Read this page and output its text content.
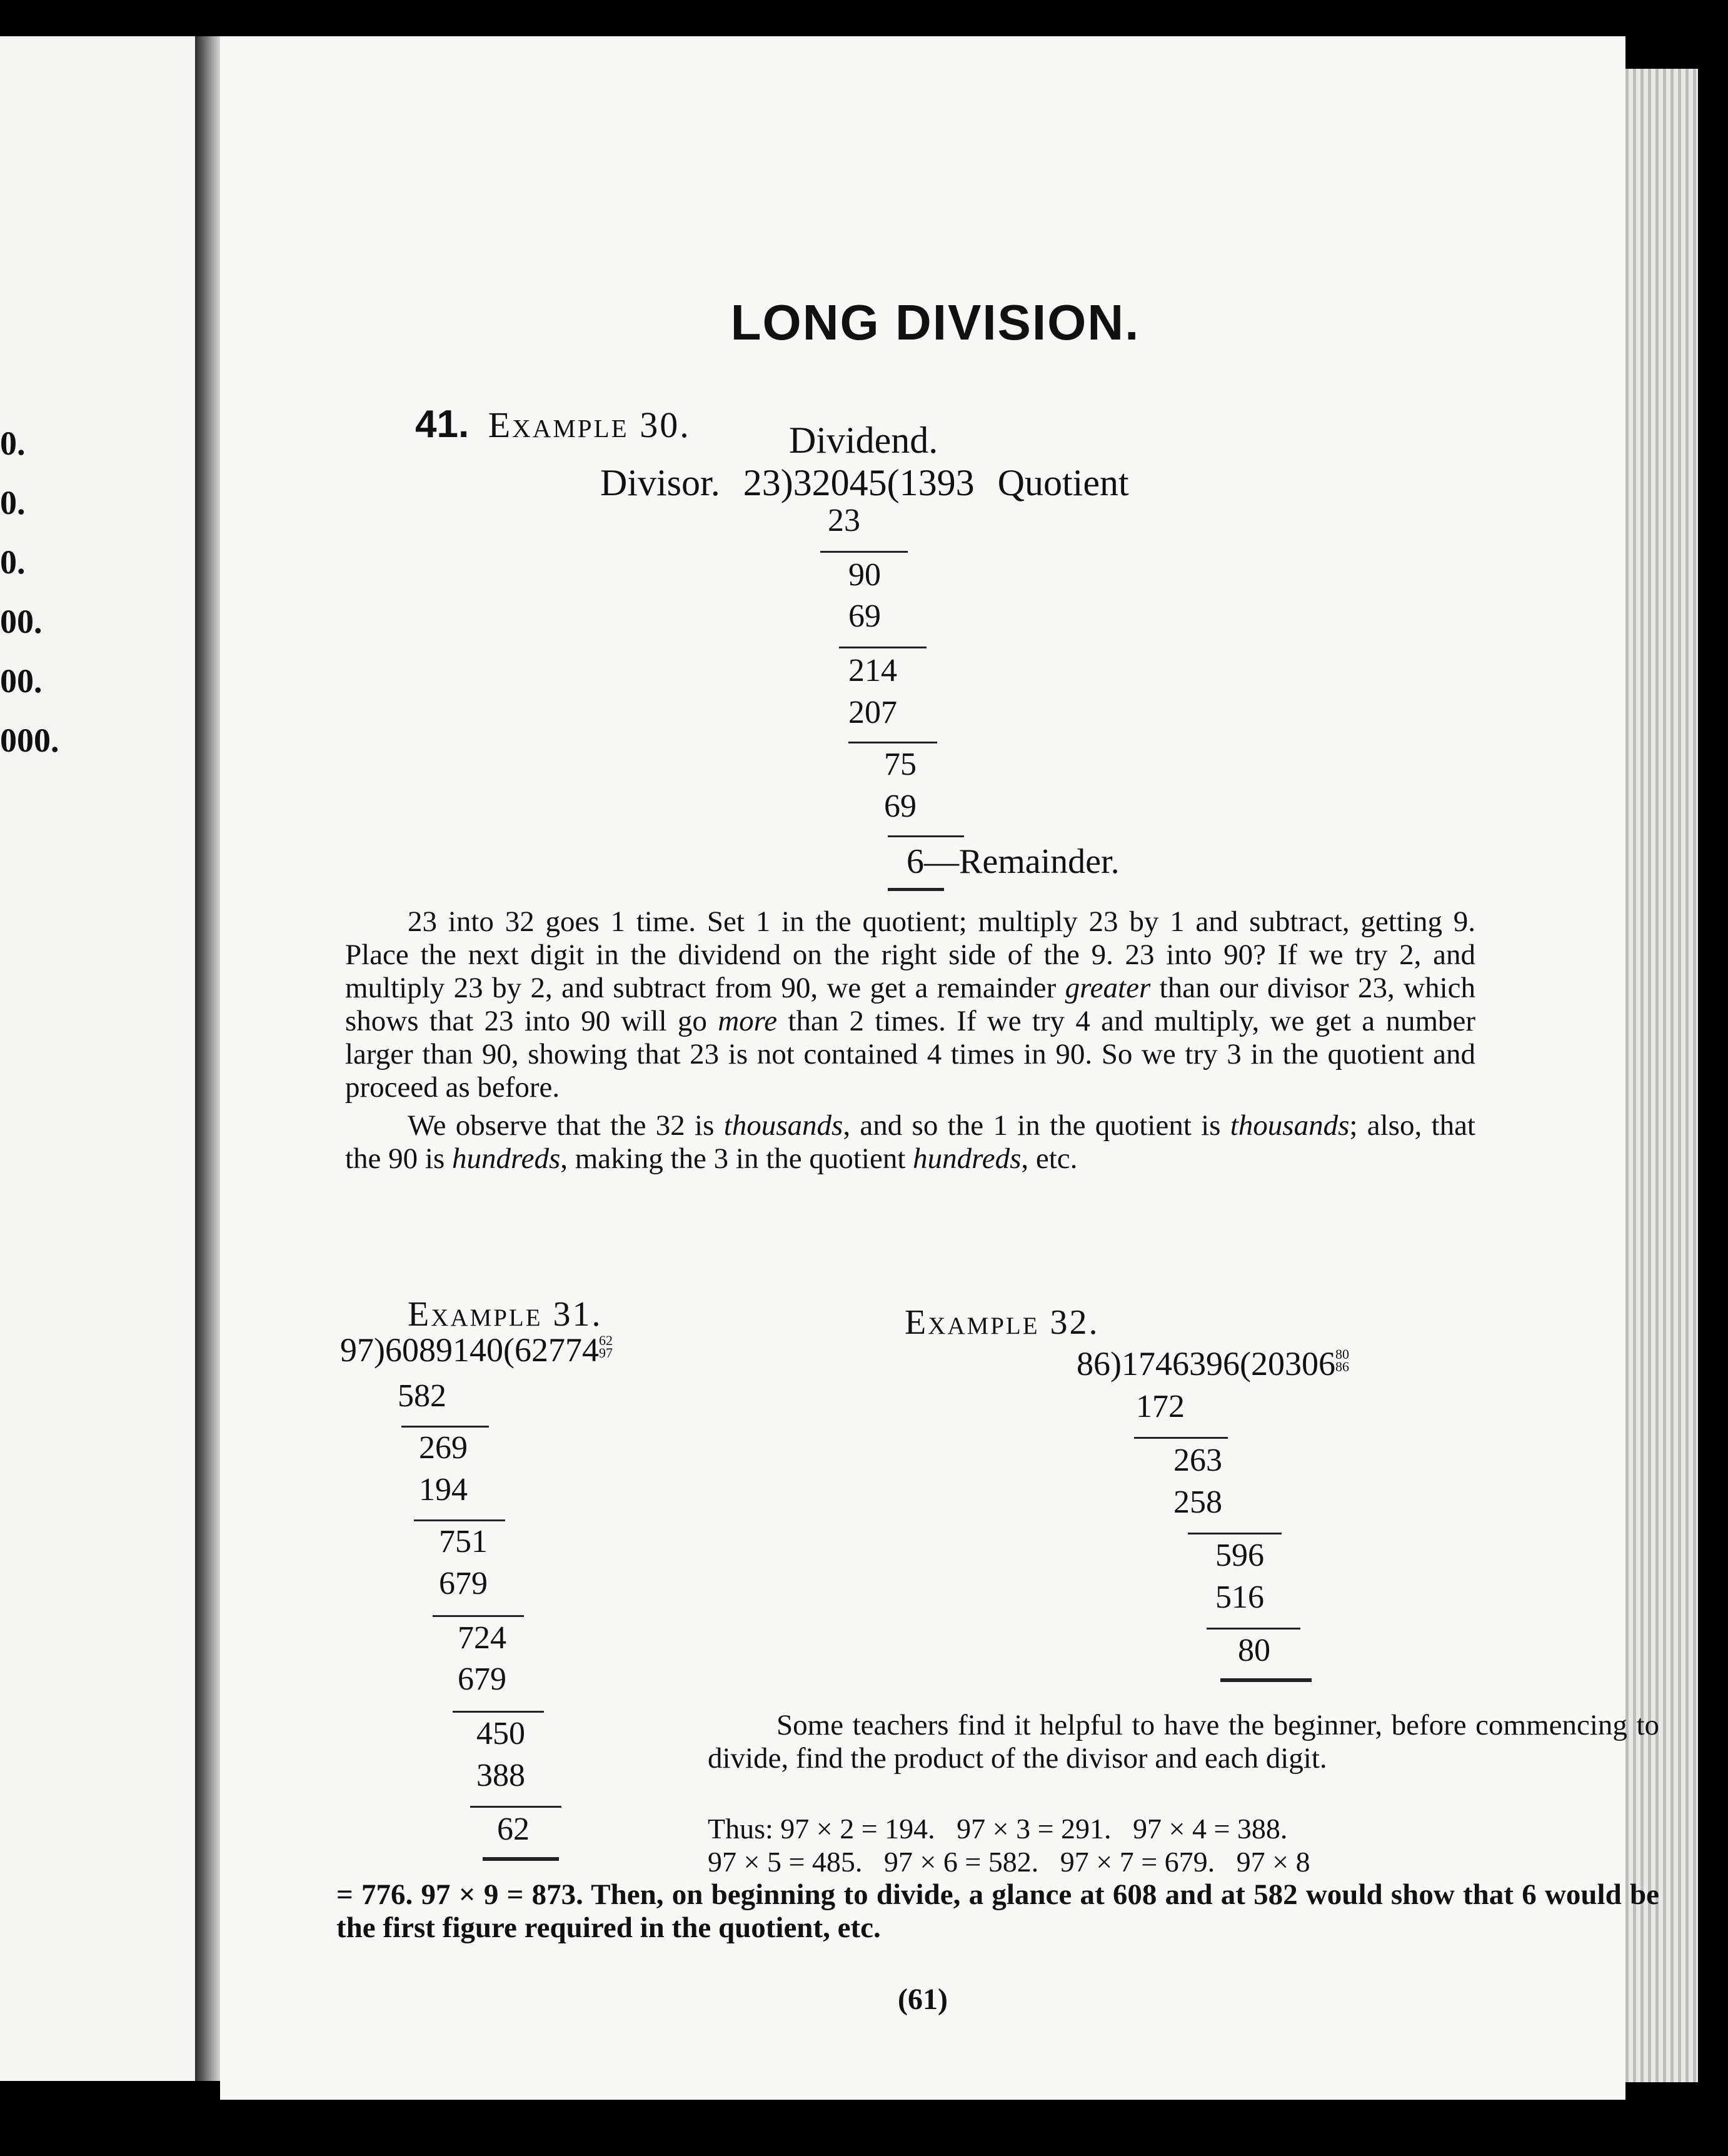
0.
0.
0.
00.
00.
000.
LONG DIVISION.
41. Example 30.	Dividend.
Divisor. 23)32045(1393 Quotient
23
90
69
214
207
75
69
6—Remainder.

23 into 32 goes 1 time. Set 1 in the quotient; multiply 23 by 1 and subtract, getting 9. Place the next digit in the dividend on the right side of the 9. 23 into 90? If we try 2, and multiply 23 by 2, and subtract from 90, we get a remainder greater than our divisor 23, which shows that 23 into 90 will go more than 2 times. If we try 4 and multiply, we get a number larger than 90, showing that 23 is not contained 4 times in 90. So we try 3 in the quotient and proceed as before.

We observe that the 32 is thousands, and so the 1 in the quotient is thousands; also, that the 90 is hundreds, making the 3 in the quotient hundreds, etc.

Example 31.
97)6089140(62774 62
97
582
269
194
751
679
724
679
450
388
62
Example 32.
86)1746396(20306 80
86
172
263
258
596
516
80
Some teachers find it helpful to have the beginner, before commencing to divide, find the product of the divisor and each digit.
Thus: 97 × 2 = 194.   97 × 3 = 291.   97 × 4 = 388.
97 × 5 = 485.   97 × 6 = 582.   97 × 7 = 679.   97 × 8
= 776. 97 × 9 = 873. Then, on beginning to divide, a glance at 608 and at 582 would show that 6 would be the first figure required in the quotient, etc.
(61)
